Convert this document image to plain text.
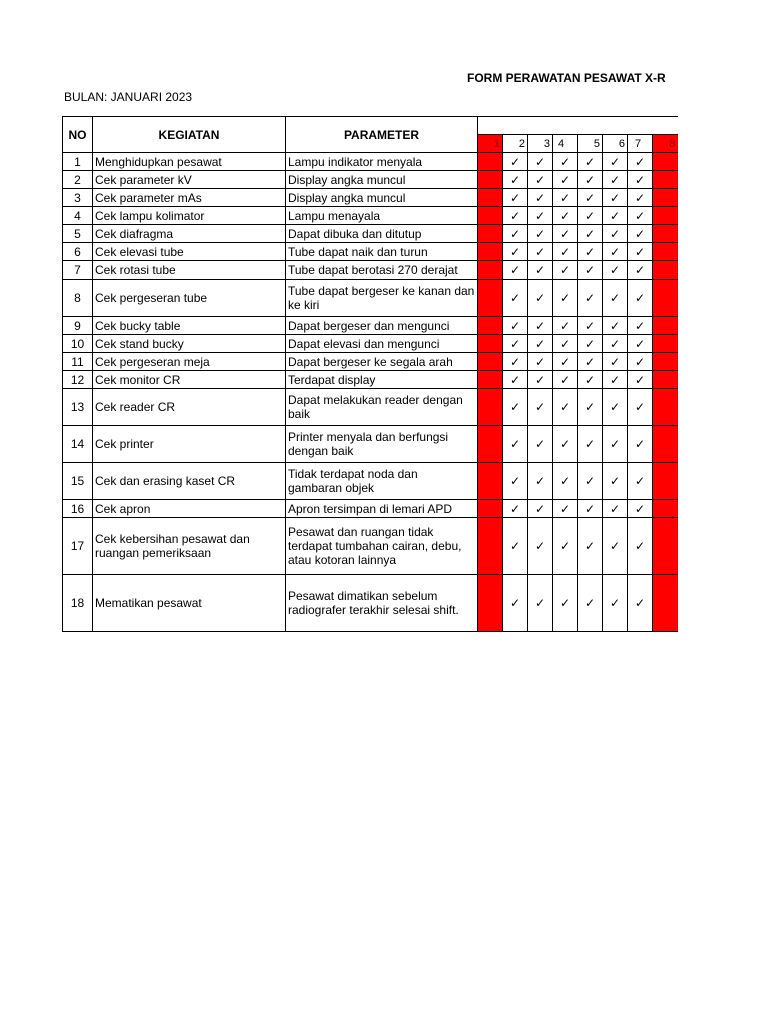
FORM PERAWATAN PESAWAT X-R
BULAN: JANUARI 2023
NO	KEGIATAN	PARAMETER								
			1	2	3	4	5	6	7	8
1	Menghidupkan pesawat	Lampu indikator menyala		✓	✓	✓	✓	✓	✓	
2	Cek parameter kV	Display angka muncul		✓	✓	✓	✓	✓	✓	
3	Cek parameter mAs	Display angka muncul		✓	✓	✓	✓	✓	✓	
4	Cek lampu kolimator	Lampu menayala		✓	✓	✓	✓	✓	✓	
5	Cek diafragma	Dapat dibuka dan ditutup		✓	✓	✓	✓	✓	✓	
6	Cek elevasi tube	Tube dapat naik dan turun		✓	✓	✓	✓	✓	✓	
7	Cek rotasi tube	Tube dapat berotasi 270 derajat		✓	✓	✓	✓	✓	✓	
8	Cek pergeseran tube	Tube dapat bergeser ke kanan dan ke kiri		✓	✓	✓	✓	✓	✓	
9	Cek bucky table	Dapat bergeser dan mengunci		✓	✓	✓	✓	✓	✓	
10	Cek stand bucky	Dapat elevasi dan mengunci		✓	✓	✓	✓	✓	✓	
11	Cek pergeseran meja	Dapat bergeser ke segala arah		✓	✓	✓	✓	✓	✓	
12	Cek monitor CR	Terdapat display		✓	✓	✓	✓	✓	✓	
13	Cek reader CR	Dapat melakukan reader dengan baik		✓	✓	✓	✓	✓	✓	
14	Cek printer	Printer menyala dan berfungsi dengan baik		✓	✓	✓	✓	✓	✓	
15	Cek dan erasing kaset CR	Tidak terdapat noda dan gambaran objek		✓	✓	✓	✓	✓	✓	
16	Cek apron	Apron tersimpan di lemari APD		✓	✓	✓	✓	✓	✓	
17	Cek kebersihan pesawat dan ruangan pemeriksaan	Pesawat dan ruangan tidak terdapat tumbahan cairan, debu, atau kotoran lainnya		✓	✓	✓	✓	✓	✓	
18	Mematikan pesawat	Pesawat dimatikan sebelum radiografer terakhir selesai shift.		✓	✓	✓	✓	✓	✓	
